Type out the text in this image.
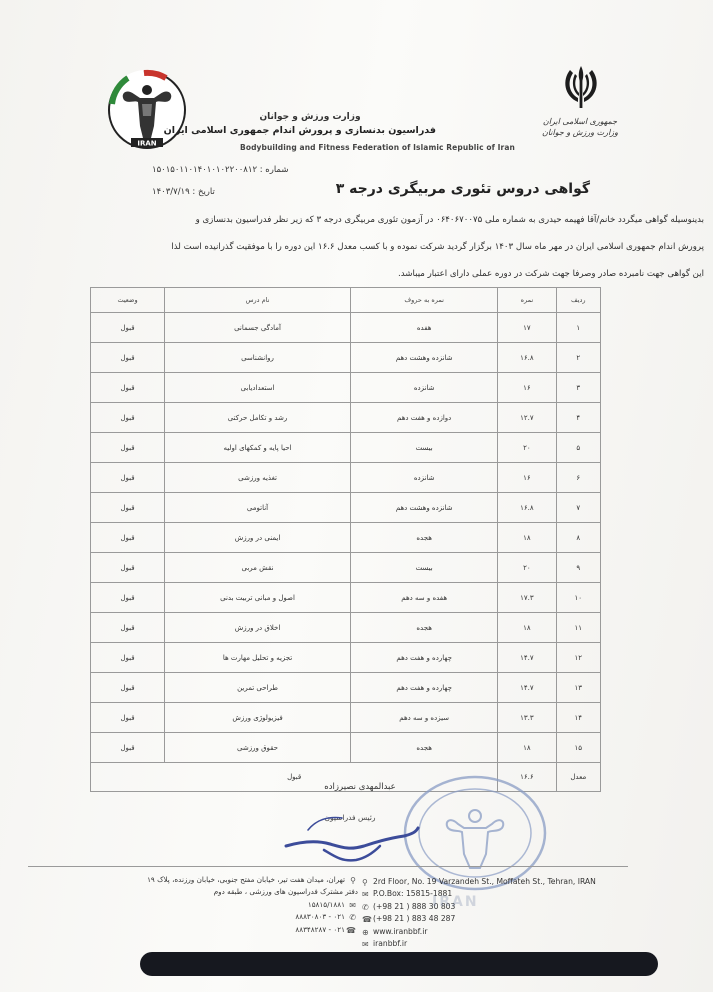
جمهوری اسلامی ایران
وزارت ورزش و جوانان
IRAN
وزارت ورزش و جوانان
فدراسیون بدنسازی و پرورش اندام جمهوری اسلامی ایران
Bodybuilding and Fitness Federation of Islamic Republic of Iran
شماره : ۱۵۰۱۵۰۱۱۰۱۴۰۱۰۱۰۲۲۰۰۸۱۲
تاریخ : ۱۴۰۳/۷/۱۹	گواهی دروس تئوری مربیگری درجه ۳

بدینوسیله گواهی میگردد خانم/آقا فهیمه حیدری به شماره ملی ۰۶۴۰۶۷۰۰۷۵ در آزمون تئوری مربیگری درجه ۳ که زیر نظر فدراسیون بدنسازی و

پرورش اندام جمهوری اسلامی ایران در مهر ماه سال ۱۴۰۳ برگزار گردید شرکت نموده و با کسب معدل ۱۶.۶ این دوره را با موفقیت گذرانیده است لذا

این گواهی جهت نامبرده صادر وصرفا جهت شرکت در دوره عملی دارای اعتبار میباشد.

ردیف	نمره	نمره به حروف	نام درس	وضعیت
۱	۱۷	هفده	آمادگی جسمانی	قبول
۲	۱۶.۸	شانزده وهشت دهم	روانشناسی	قبول
۳	۱۶	شانزده	استعدادیابی	قبول
۴	۱۲.۷	دوازده و هفت دهم	رشد و تکامل حرکتی	قبول
۵	۲۰	بیست	احیا پایه و کمکهای اولیه	قبول
۶	۱۶	شانزده	تغذیه ورزشی	قبول
۷	۱۶.۸	شانزده وهشت دهم	آناتومی	قبول
۸	۱۸	هجده	ایمنی در ورزش	قبول
۹	۲۰	بیست	نقش مربی	قبول
۱۰	۱۷.۳	هفده و سه دهم	اصول و مبانی تربیت بدنی	قبول
۱۱	۱۸	هجده	اخلاق در ورزش	قبول
۱۲	۱۴.۷	چهارده و هفت دهم	تجزیه و تحلیل مهارت ها	قبول
۱۳	۱۴.۷	چهارده و هفت دهم	طراحی تمرین	قبول
۱۴	۱۳.۳	سیزده و سه دهم	فیزیولوژی ورزش	قبول
۱۵	۱۸	هجده	حقوق ورزشی	قبول
معدل	۱۶.۶	قبول		
عبدالمهدی نصیرزاده
رئیس فدراسیون
⚲ 2rd Floor, No. 19 Varzandeh St., Moffateh St., Tehran, IRAN
✉ P.O.Box: 15815-1881
✆ (+98 21 ) 888 30 803
☎(+98 21 ) 883 48 287
⊕ www.iranbbf.ir
✉ iranbbf.ir
⚲تهران، میدان هفت تیر، خیابان مفتح جنوبی، خیابان ورزنده، پلاک ۱۹
دفتر مشترک فدراسیون های ورزشی ، طبقه دوم
✉۱۵۸۱۵/۱۸۸۱
✆۰۲۱ - ۸۸۸۳۰۸۰۳
☎۰۲۱ - ۸۸۳۴۸۲۸۷
IRAN
